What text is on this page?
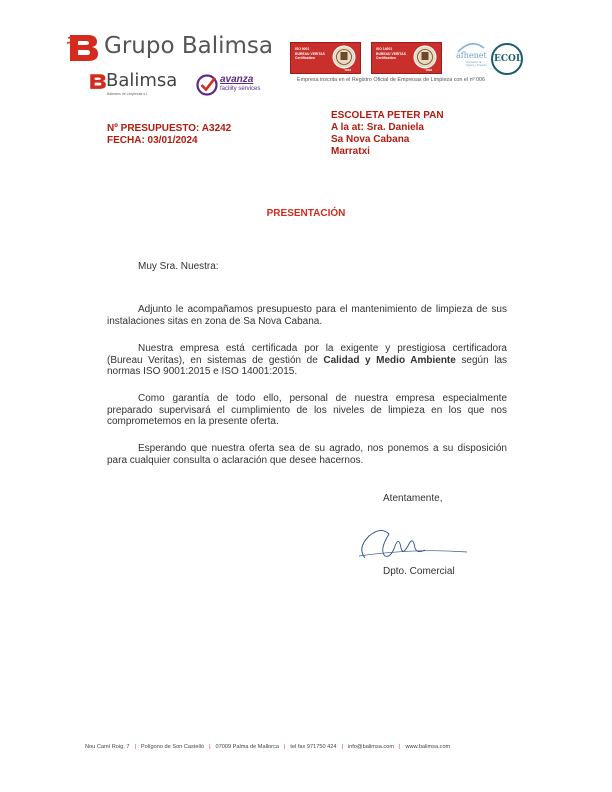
Grupo Balimsa
Balimsa
Baleares de Limpiezas s.l.
avanza
facility services
ISO 9001
BUREAU VERITAS
Certification
1828
ISO 14001
BUREAU VERITAS
Certification
1828
afhenet
asociación de higiene y limpieza
ECOL
Empresa inscrita en el Registro Oficial de Empresas de Limpieza con el nº 006
Nº PRESUPUESTO: A3242
FECHA: 03/01/2024
ESCOLETA PETER PAN
A la at: Sra. Daniela
Sa Nova Cabana
Marratxi
PRESENTACIÓN
Muy Sra. Nuestra:
Adjunto le acompañamos presupuesto para el mantenimiento de limpieza de sus instalaciones sitas en zona de Sa Nova Cabana.
Nuestra empresa está certificada por la exigente y prestigiosa certificadora (Bureau Veritas), en sistemas de gestión de Calidad y Medio Ambiente según las normas ISO 9001:2015 e ISO 14001:2015.
Como garantía de todo ello, personal de nuestra empresa especialmente preparado supervisará el cumplimiento de los niveles de limpieza en los que nos comprometemos en la presente oferta.
Esperando que nuestra oferta sea de su agrado, nos ponemos a su disposición para cualquier consulta o aclaración que desee hacernos.
Atentamente,
Dpto. Comercial
Nou Camí Roig, 7 | Polígono de Son Castelló | 07009 Palma de Mallorca | tel fax 971750 424 | info@balimsa.com | www.balimsa.com
